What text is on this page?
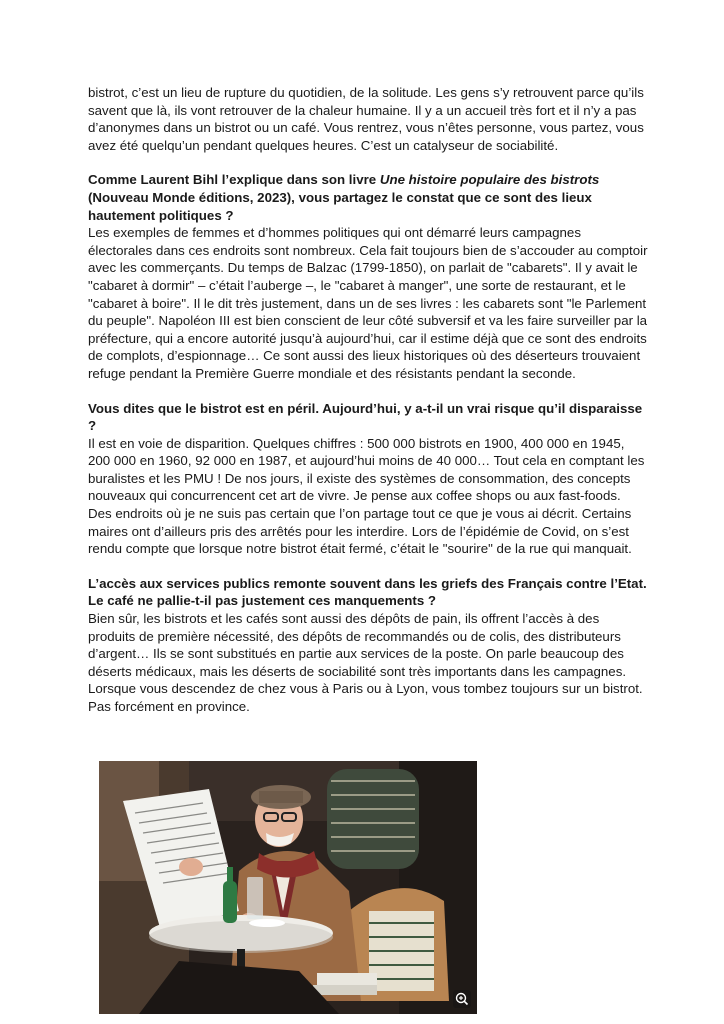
bistrot, c’est un lieu de rupture du quotidien, de la solitude. Les gens s’y retrouvent parce qu’ils savent que là, ils vont retrouver de la chaleur humaine. Il y a un accueil très fort et il n’y a pas d’anonymes dans un bistrot ou un café. Vous rentrez, vous n’êtes personne, vous partez, vous avez été quelqu’un pendant quelques heures. C’est un catalyseur de sociabilité.

Comme Laurent Bihl l’explique dans son livre Une histoire populaire des bistrots (Nouveau Monde éditions, 2023), vous partagez le constat que ce sont des lieux hautement politiques ?

Les exemples de femmes et d’hommes politiques qui ont démarré leurs campagnes électorales dans ces endroits sont nombreux. Cela fait toujours bien de s’accouder au comptoir avec les commerçants. Du temps de Balzac (1799-1850), on parlait de "cabarets". Il y avait le "cabaret à dormir" – c’était l’auberge –, le "cabaret à manger", une sorte de restaurant, et le "cabaret à boire". Il le dit très justement, dans un de ses livres : les cabarets sont "le Parlement du peuple". Napoléon III est bien conscient de leur côté subversif et va les faire surveiller par la préfecture, qui a encore autorité jusqu’à aujourd’hui, car il estime déjà que ce sont des endroits de complots, d’espionnage… Ce sont aussi des lieux historiques où des déserteurs trouvaient refuge pendant la Première Guerre mondiale et des résistants pendant la seconde.

Vous dites que le bistrot est en péril. Aujourd’hui, y a-t-il un vrai risque qu’il disparaisse ?

Il est en voie de disparition. Quelques chiffres : 500 000 bistrots en 1900, 400 000 en 1945, 200 000 en 1960, 92 000 en 1987, et aujourd’hui moins de 40 000… Tout cela en comptant les buralistes et les PMU ! De nos jours, il existe des systèmes de consommation, des concepts nouveaux qui concurrencent cet art de vivre. Je pense aux coffee shops ou aux fast-foods. Des endroits où je ne suis pas certain que l’on partage tout ce que je vous ai décrit. Certains maires ont d’ailleurs pris des arrêtés pour les interdire. Lors de l’épidémie de Covid, on s’est rendu compte que lorsque notre bistrot était fermé, c’était le "sourire" de la rue qui manquait.

L’accès aux services publics remonte souvent dans les griefs des Français contre l’Etat. Le café ne pallie-t-il pas justement ces manquements ?

Bien sûr, les bistrots et les cafés sont aussi des dépôts de pain, ils offrent l’accès à des produits de première nécessité, des dépôts de recommandés ou de colis, des distributeurs d’argent… Ils se sont substitués en partie aux services de la poste. On parle beaucoup des déserts médicaux, mais les déserts de sociabilité sont très importants dans les campagnes. Lorsque vous descendez de chez vous à Paris ou à Lyon, vous tombez toujours sur un bistrot. Pas forcément en province.
